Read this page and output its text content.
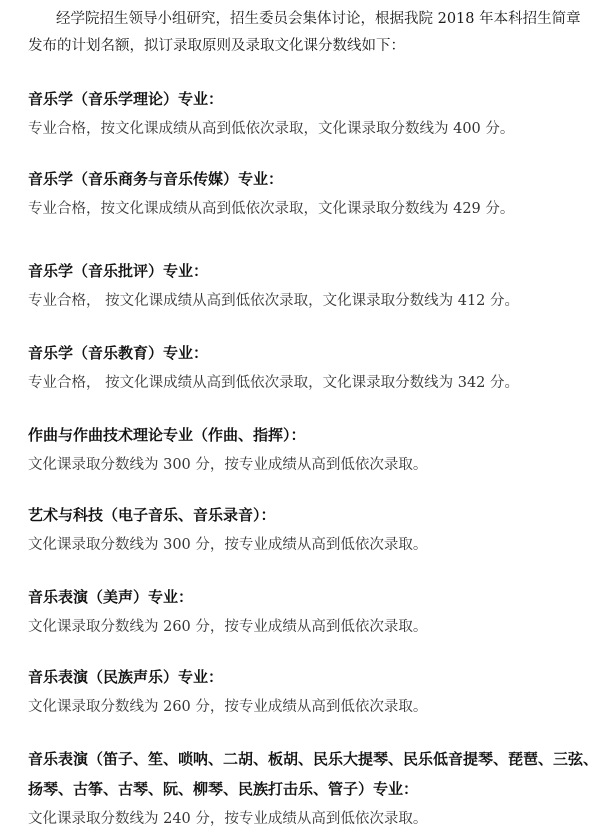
经学院招生领导小组研究，招生委员会集体讨论，根据我院 2018 年本科招生简章
发布的计划名额，拟订录取原则及录取文化课分数线如下：
音乐学（音乐学理论）专业：
专业合格，按文化课成绩从高到低依次录取，文化课录取分数线为 400 分。
音乐学（音乐商务与音乐传媒）专业：
专业合格，按文化课成绩从高到低依次录取，文化课录取分数线为 429 分。
音乐学（音乐批评）专业：
专业合格， 按文化课成绩从高到低依次录取，文化课录取分数线为 412 分。
音乐学（音乐教育）专业：
专业合格， 按文化课成绩从高到低依次录取，文化课录取分数线为 342 分。
作曲与作曲技术理论专业（作曲、指挥）：
文化课录取分数线为 300 分，按专业成绩从高到低依次录取。
艺术与科技（电子音乐、音乐录音）：
文化课录取分数线为 300 分，按专业成绩从高到低依次录取。
音乐表演（美声）专业：
文化课录取分数线为 260 分，按专业成绩从高到低依次录取。
音乐表演（民族声乐）专业：
文化课录取分数线为 260 分，按专业成绩从高到低依次录取。
音乐表演（笛子、笙、唢呐、二胡、板胡、民乐大提琴、民乐低音提琴、琵琶、三弦、
扬琴、古筝、古琴、阮、柳琴、民族打击乐、管子）专业：
文化课录取分数线为 240 分，按专业成绩从高到低依次录取。
